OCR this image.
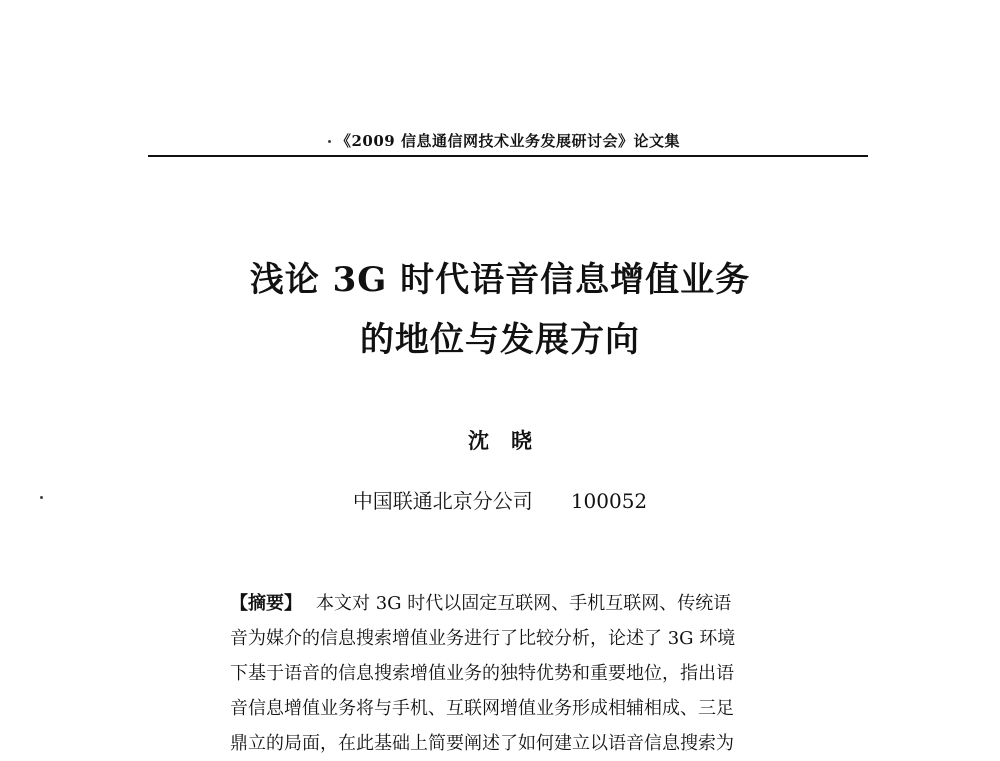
《2009 信息通信网技术业务发展研讨会》论文集
浅论 3G 时代语音信息增值业务
的地位与发展方向
沈晓
中国联通北京分公司 100052
【摘要】 本文对 3G 时代以固定互联网、手机互联网、传统语
音为媒介的信息搜索增值业务进行了比较分析，论述了 3G 环境
下基于语音的信息搜索增值业务的独特优势和重要地位，指出语
音信息增值业务将与手机、互联网增值业务形成相辅相成、三足
鼎立的局面，在此基础上简要阐述了如何建立以语音信息搜索为
